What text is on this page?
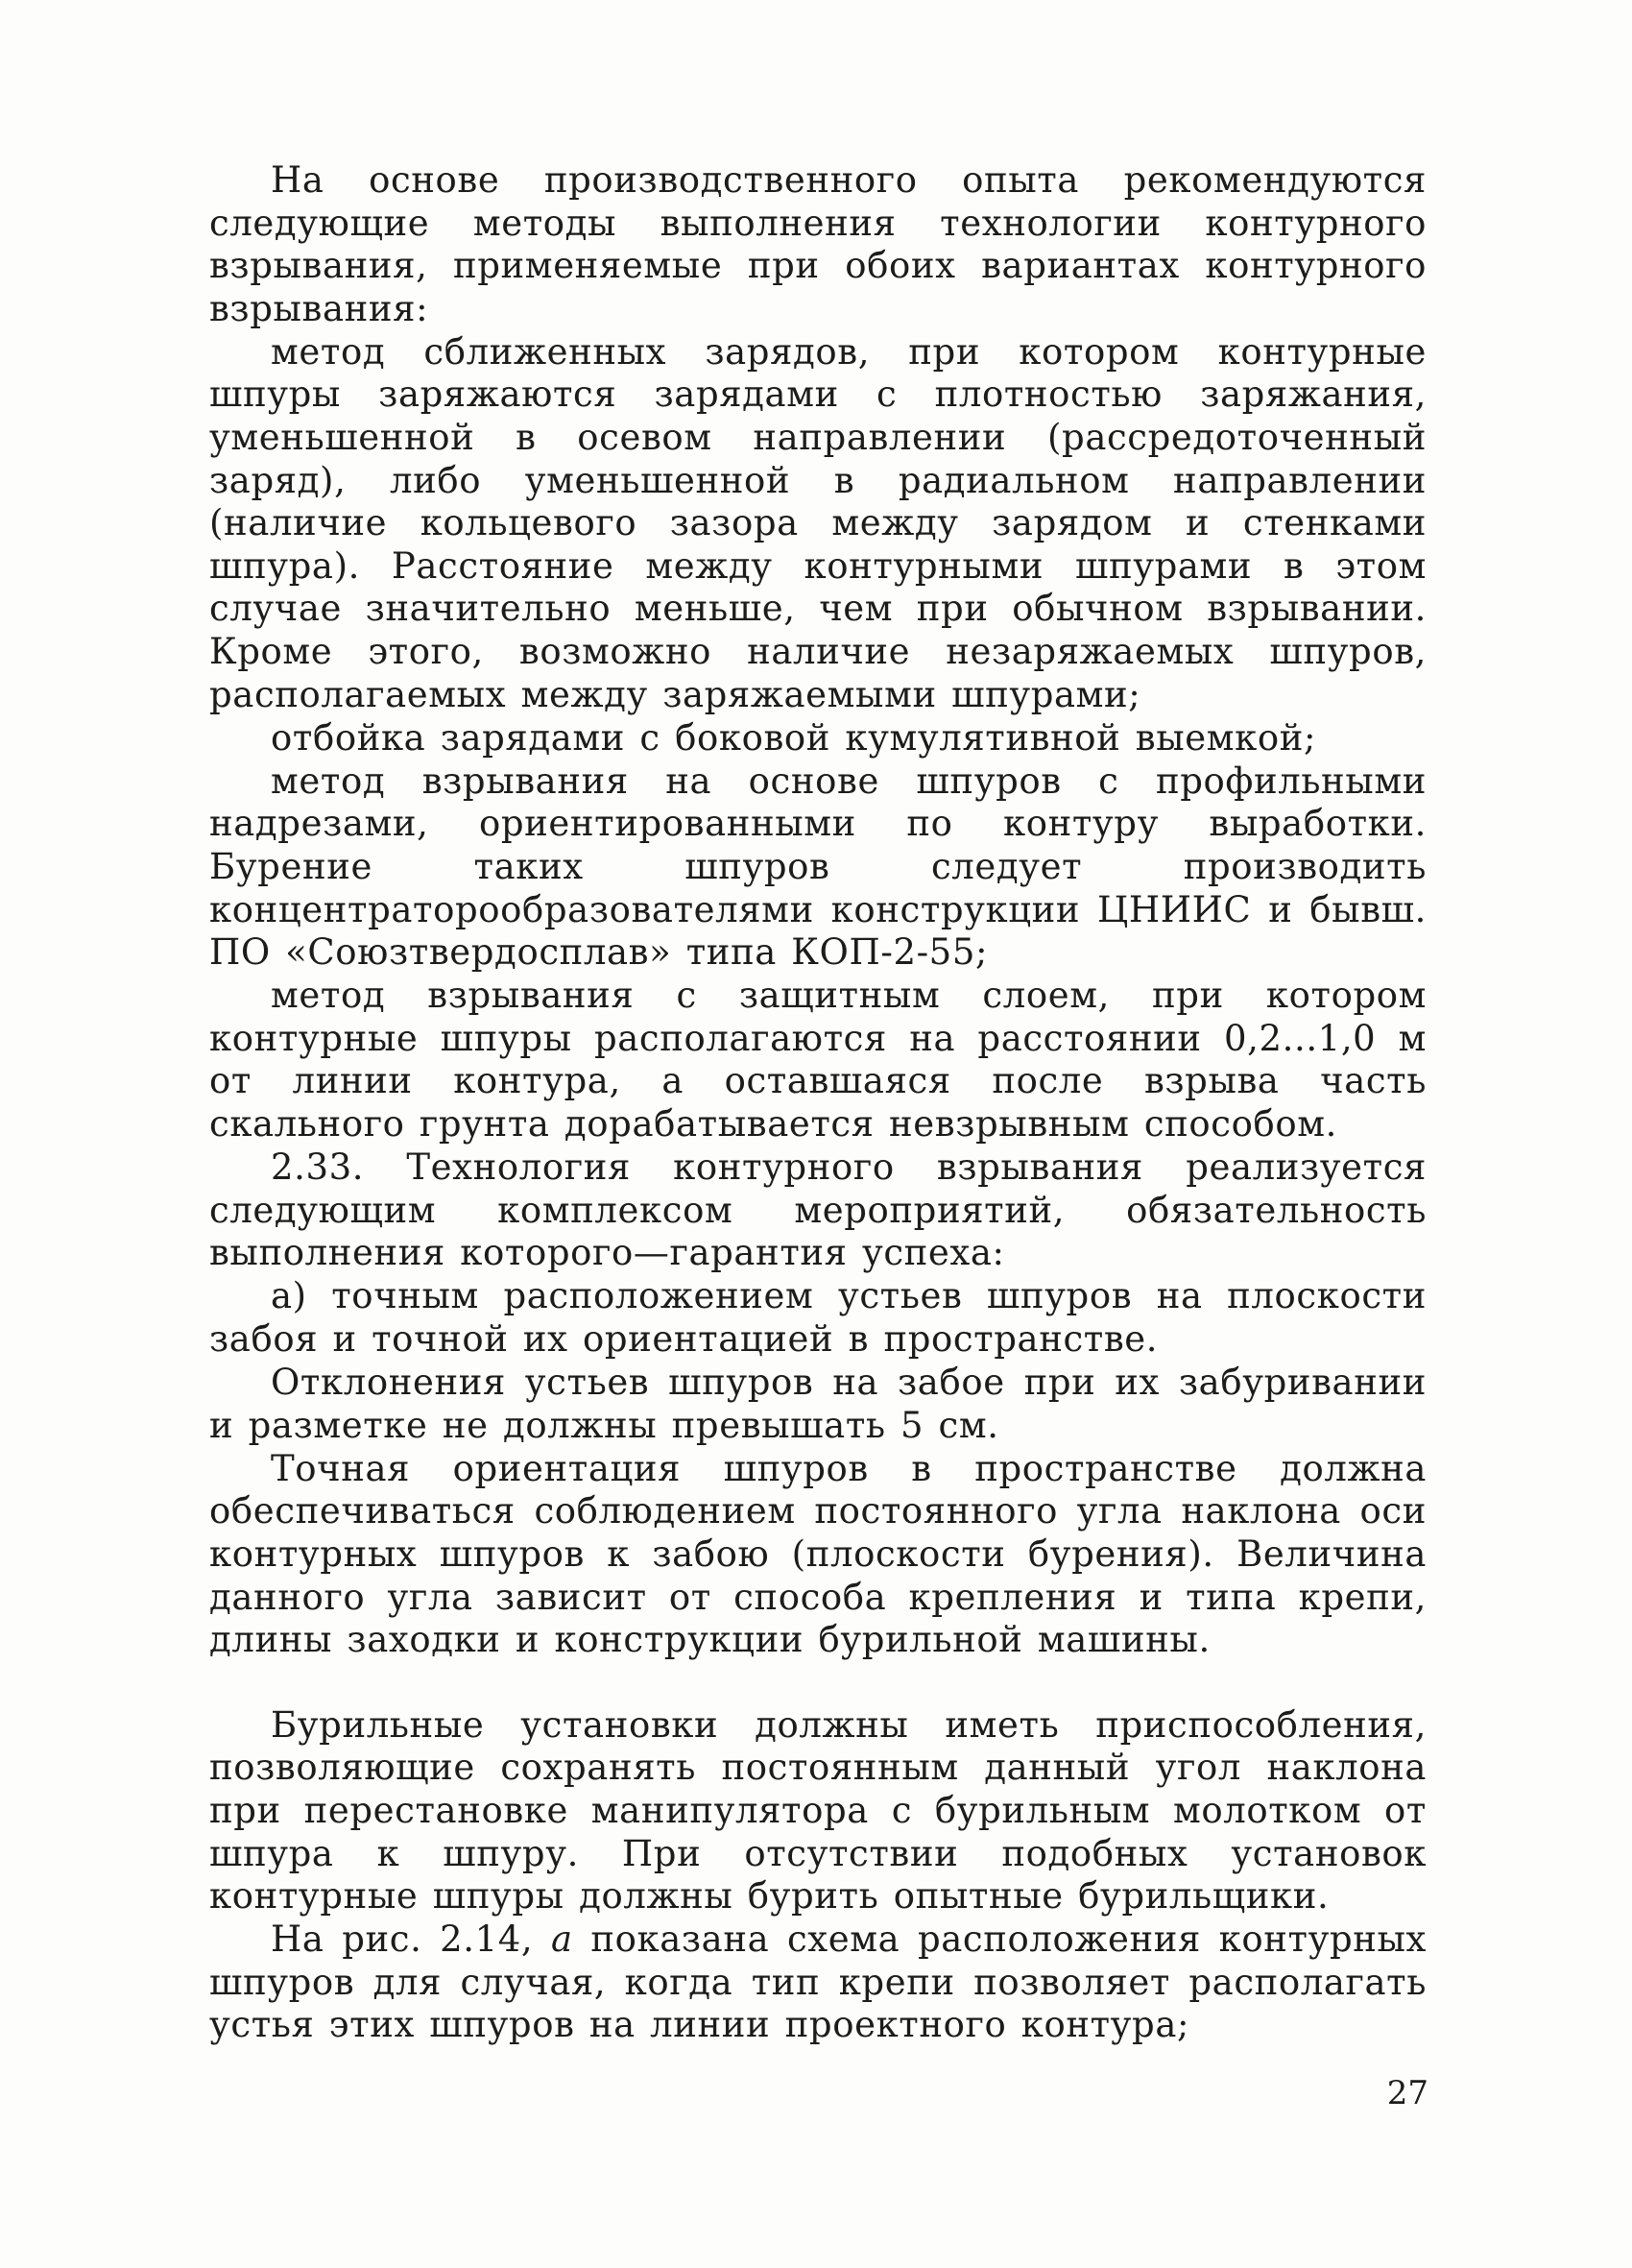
На основе производственного опыта рекомендуются следующие методы выполнения технологии контурного взрывания, применяемые при обоих вариантах контурного взрывания:

метод сближенных зарядов, при котором контурные шпуры заряжаются зарядами с плотностью заряжания, уменьшенной в осевом направлении (рассредоточенный заряд), либо уменьшенной в радиальном направлении (наличие кольцевого зазора между зарядом и стенками шпура). Расстояние между контурными шпурами в этом случае значительно меньше, чем при обычном взрывании. Кроме этого, возможно наличие незаряжаемых шпуров, располагаемых между заряжаемыми шпурами;

отбойка зарядами с боковой кумулятивной выемкой;

метод взрывания на основе шпуров с профильными надрезами, ориентированными по контуру выработки. Бурение таких шпуров следует производить концентраторообразователями конструкции ЦНИИС и бывш. ПО «Союзтвердосплав» типа КОП-2-55;

метод взрывания с защитным слоем, при котором контурные шпуры располагаются на расстоянии 0,2...1,0 м от линии контура, а оставшаяся после взрыва часть скального грунта дорабатывается невзрывным способом.

2.33. Технология контурного взрывания реализуется следующим комплексом мероприятий, обязательность выполнения которого—гарантия успеха:

а) точным расположением устьев шпуров на плоскости забоя и точной их ориентацией в пространстве.

Отклонения устьев шпуров на забое при их забуривании и разметке не должны превышать 5 см.

Точная ориентация шпуров в пространстве должна обеспечиваться соблюдением постоянного угла наклона оси контурных шпуров к забою (плоскости бурения). Величина данного угла зависит от способа крепления и типа крепи, длины заходки и конструкции бурильной машины.

Бурильные установки должны иметь приспособления, позволяющие сохранять постоянным данный угол наклона при перестановке манипулятора с бурильным молотком от шпура к шпуру. При отсутствии подобных установок контурные шпуры должны бурить опытные бурильщики.

На рис. 2.14, а показана схема расположения контурных шпуров для случая, когда тип крепи позволяет располагать устья этих шпуров на линии проектного контура;

27
